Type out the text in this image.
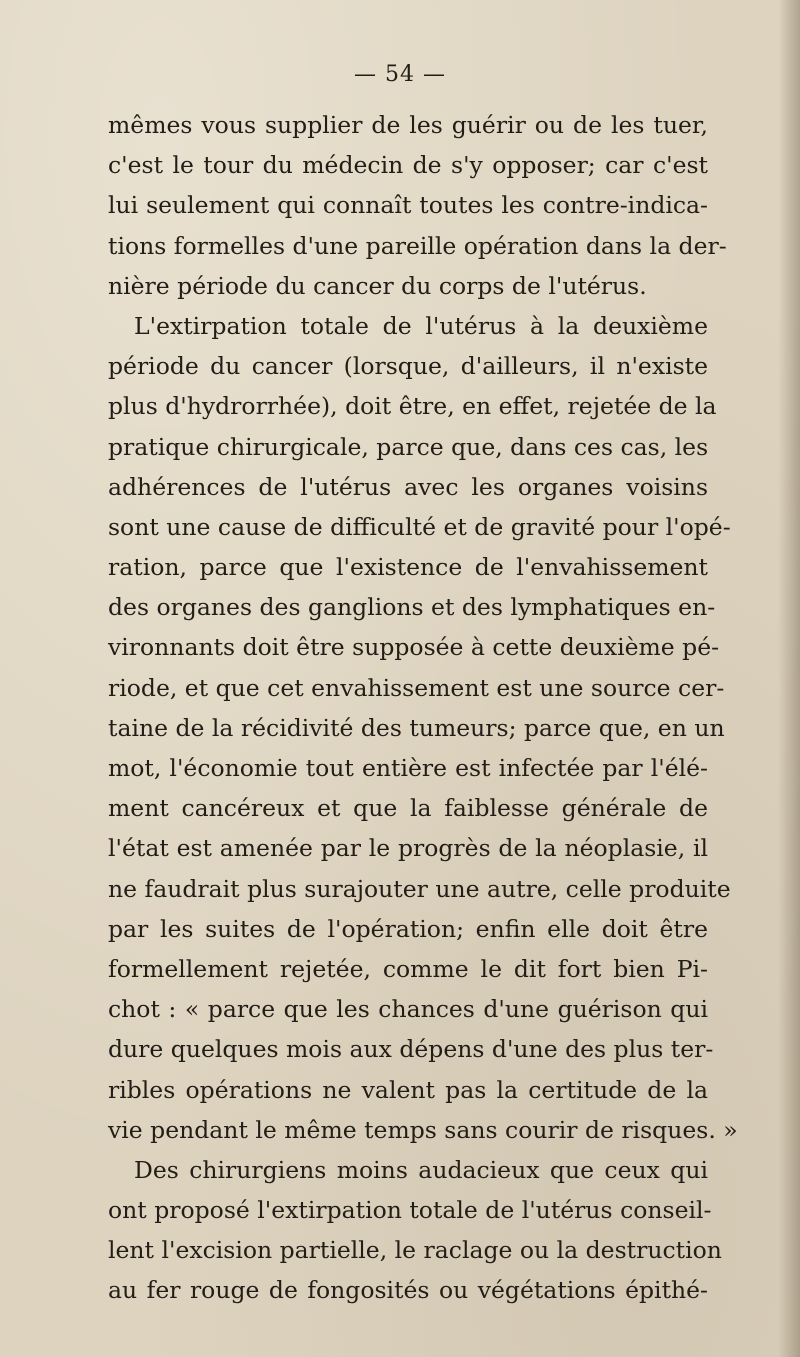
— 54 —
mêmes vous supplier de les guérir ou de les tuer,
c'est le tour du médecin de s'y opposer; car c'est
lui seulement qui connaît toutes les contre-indica-
tions formelles d'une pareille opération dans la der-
nière période du cancer du corps de l'utérus.
L'extirpation totale de l'utérus à la deuxième
période du cancer (lorsque, d'ailleurs, il n'existe
plus d'hydrorrhée), doit être, en effet, rejetée de la
pratique chirurgicale, parce que, dans ces cas, les
adhérences de l'utérus avec les organes voisins
sont une cause de difficulté et de gravité pour l'opé-
ration, parce que l'existence de l'envahissement
des organes des ganglions et des lymphatiques en-
vironnants doit être supposée à cette deuxième pé-
riode, et que cet envahissement est une source cer-
taine de la récidivité des tumeurs; parce que, en un
mot, l'économie tout entière est infectée par l'élé-
ment cancéreux et que la faiblesse générale de
l'état est amenée par le progrès de la néoplasie, il
ne faudrait plus surajouter une autre, celle produite
par les suites de l'opération; enfin elle doit être
formellement rejetée, comme le dit fort bien Pi-
chot : « parce que les chances d'une guérison qui
dure quelques mois aux dépens d'une des plus ter-
ribles opérations ne valent pas la certitude de la
vie pendant le même temps sans courir de risques. »
Des chirurgiens moins audacieux que ceux qui
ont proposé l'extirpation totale de l'utérus conseil-
lent l'excision partielle, le raclage ou la destruction
au fer rouge de fongosités ou végétations épithé-
